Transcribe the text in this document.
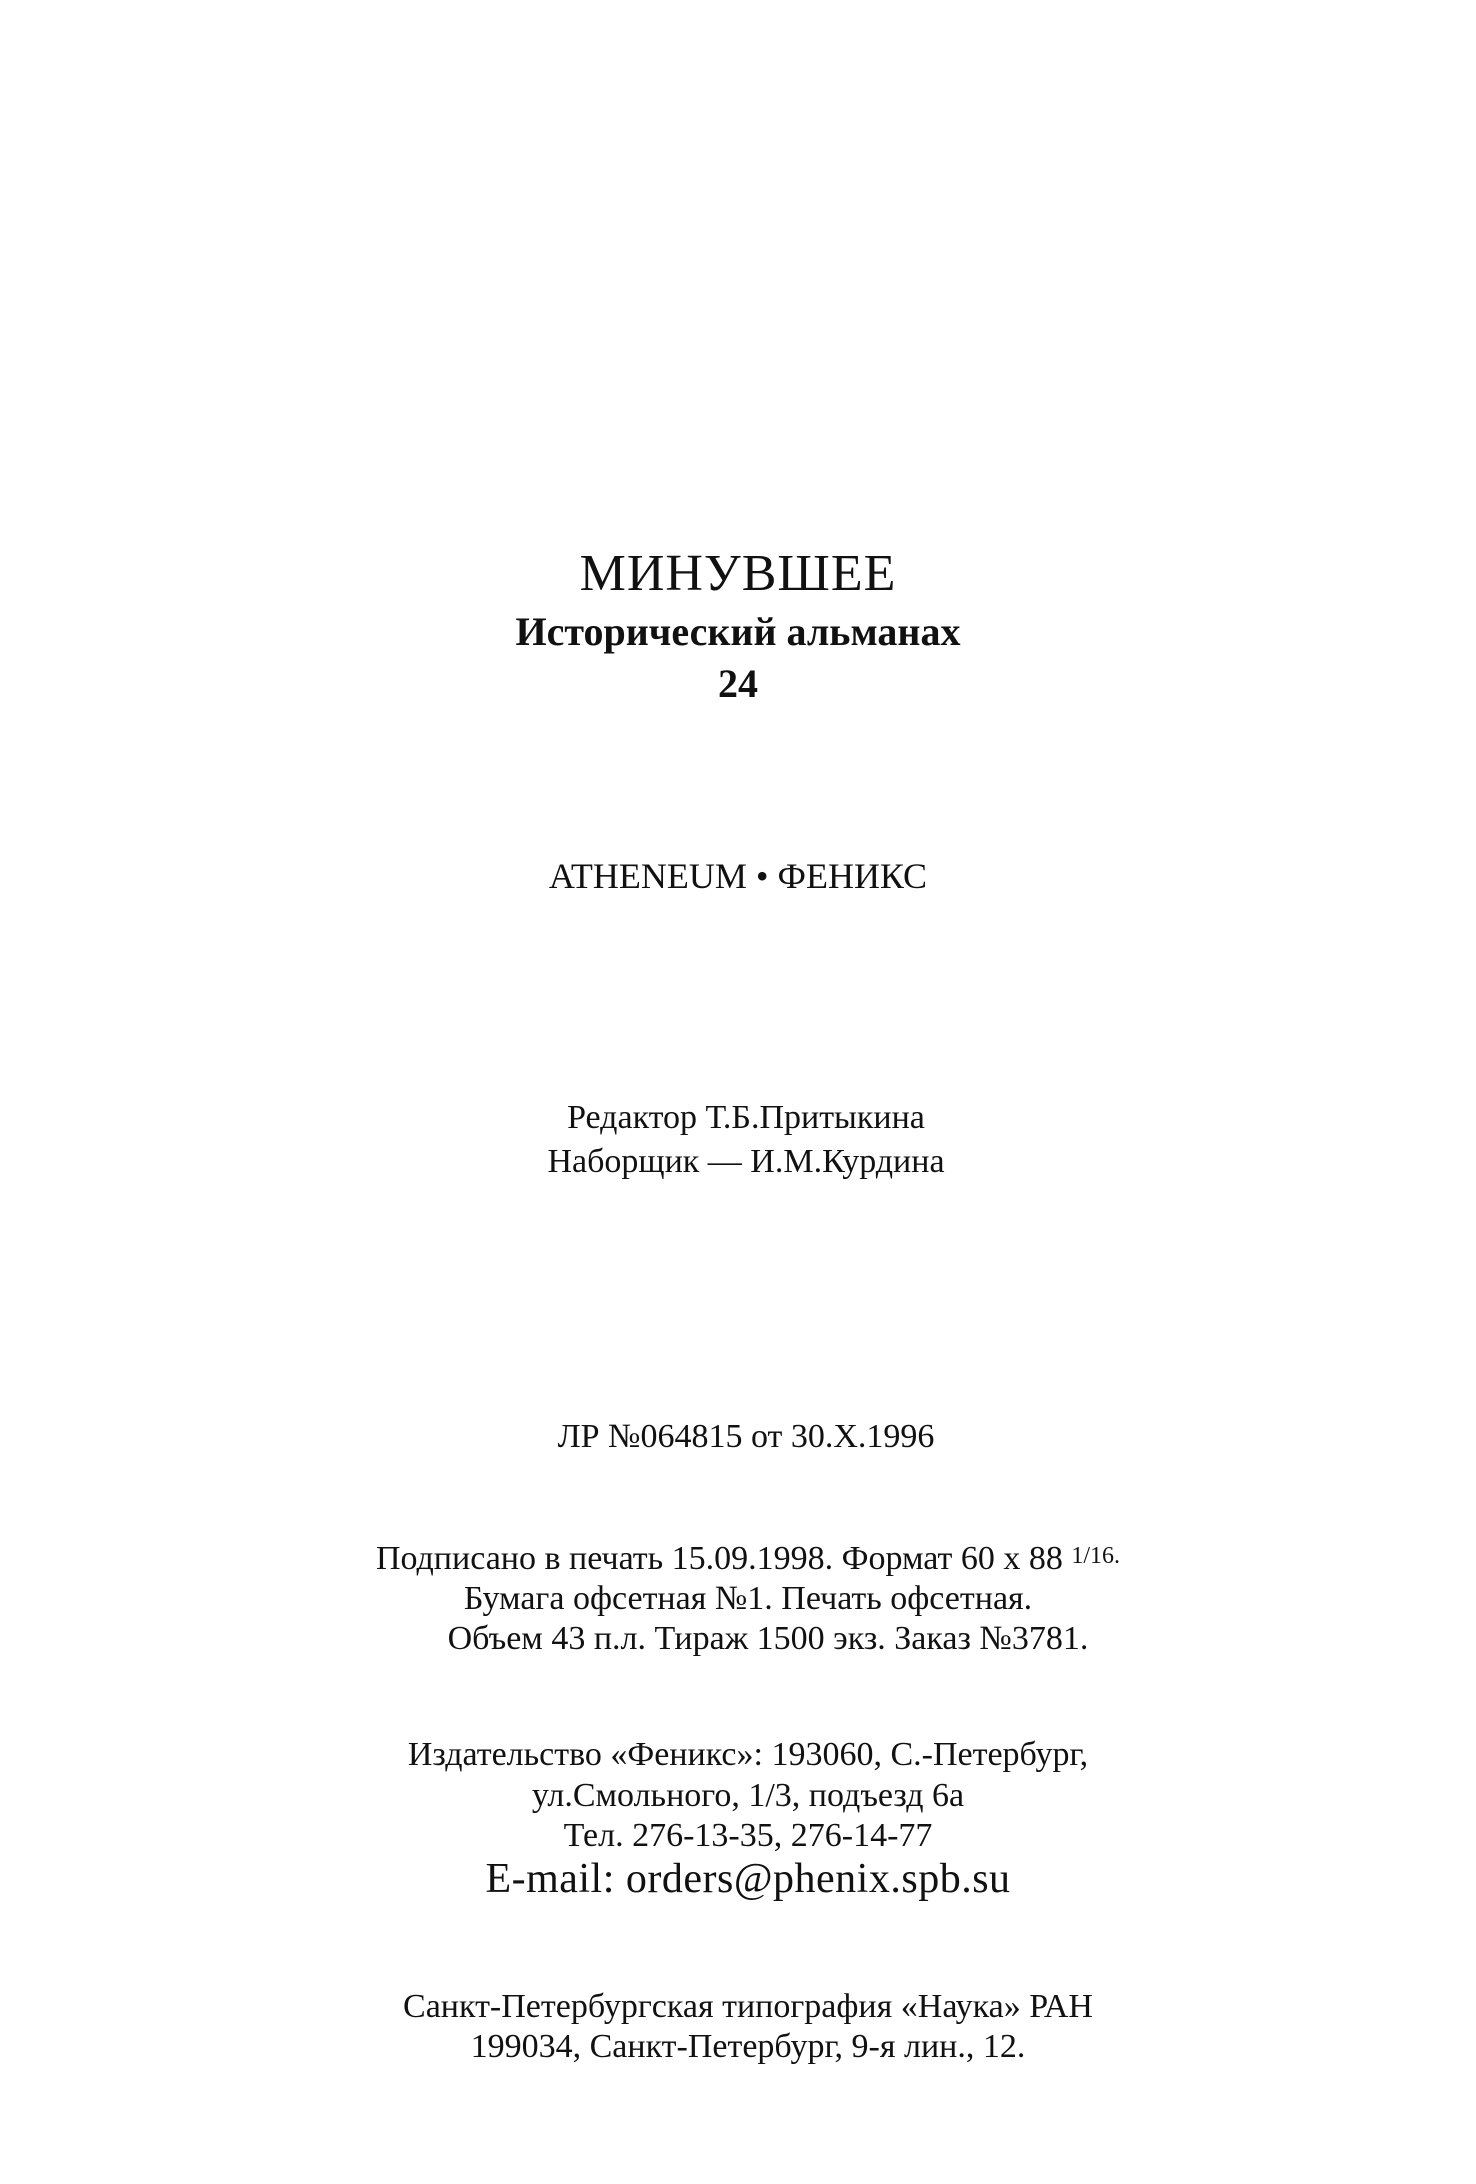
МИНУВШЕЕ
Исторический альманах
24
ATHENEUM • ФЕНИКС
Редактор Т.Б.Притыкина
Наборщик — И.М.Курдина
ЛР №064815 от 30.X.1996
Подписано в печать 15.09.1998. Формат 60 х 88 1/16.
Бумага офсетная №1. Печать офсетная.
Объем 43 п.л. Тираж 1500 экз. Заказ №3781.
Издательство «Феникс»: 193060, С.-Петербург,
ул.Смольного, 1/3, подъезд 6а
Тел. 276-13-35, 276-14-77
E-mail: orders@phenix.spb.su
Санкт-Петербургская типография «Наука» РАН
199034, Санкт-Петербург, 9-я лин., 12.
